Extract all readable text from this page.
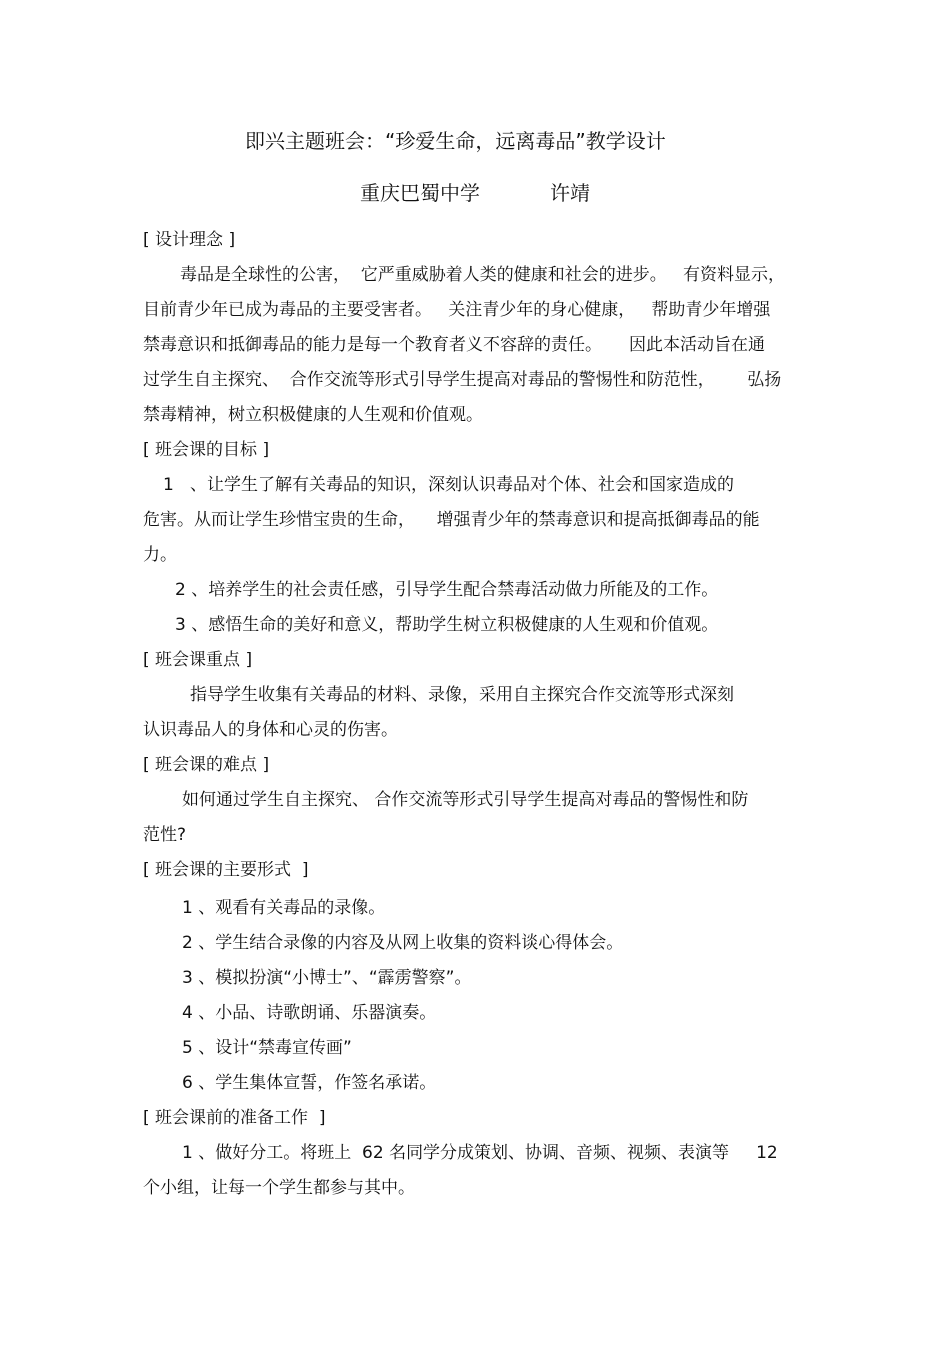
即兴主题班会：“珍爱生命，远离毒品”教学设计
重庆巴蜀中学	许靖
[ 设计理念 ]
毒品是全球性的公害，  它严重威胁着人类的健康和社会的进步。   有资料显示，
目前青少年已成为毒品的主要受害者。   关注青少年的身心健康，   帮助青少年增强
禁毒意识和抵御毒品的能力是每一个教育者义不容辞的责任。     因此本活动旨在通
过学生自主探究、  合作交流等形式引导学生提高对毒品的警惕性和防范性，      弘扬
禁毒精神，树立积极健康的人生观和价值观。
[ 班会课的目标 ]
1   、让学生了解有关毒品的知识，深刻认识毒品对个体、社会和国家造成的
危害。从而让学生珍惜宝贵的生命，    增强青少年的禁毒意识和提高抵御毒品的能
力。
2 、培养学生的社会责任感，引导学生配合禁毒活动做力所能及的工作。
3 、感悟生命的美好和意义，帮助学生树立积极健康的人生观和价值观。
[ 班会课重点 ]
指导学生收集有关毒品的材料、录像，采用自主探究合作交流等形式深刻
认识毒品人的身体和心灵的伤害。
[ 班会课的难点 ]
如何通过学生自主探究、 合作交流等形式引导学生提高对毒品的警惕性和防
范性?
[ 班会课的主要形式  ]
1 、观看有关毒品的录像。
2 、学生结合录像的内容及从网上收集的资料谈心得体会。
3 、模拟扮演“小博士”、“霹雳警察”。
4 、小品、诗歌朗诵、乐器演奏。
5 、设计“禁毒宣传画”
6 、学生集体宣誓，作签名承诺。
[ 班会课前的准备工作  ]
1 、做好分工。将班上  62 名同学分成策划、协调、音频、视频、表演等     12
个小组，让每一个学生都参与其中。
